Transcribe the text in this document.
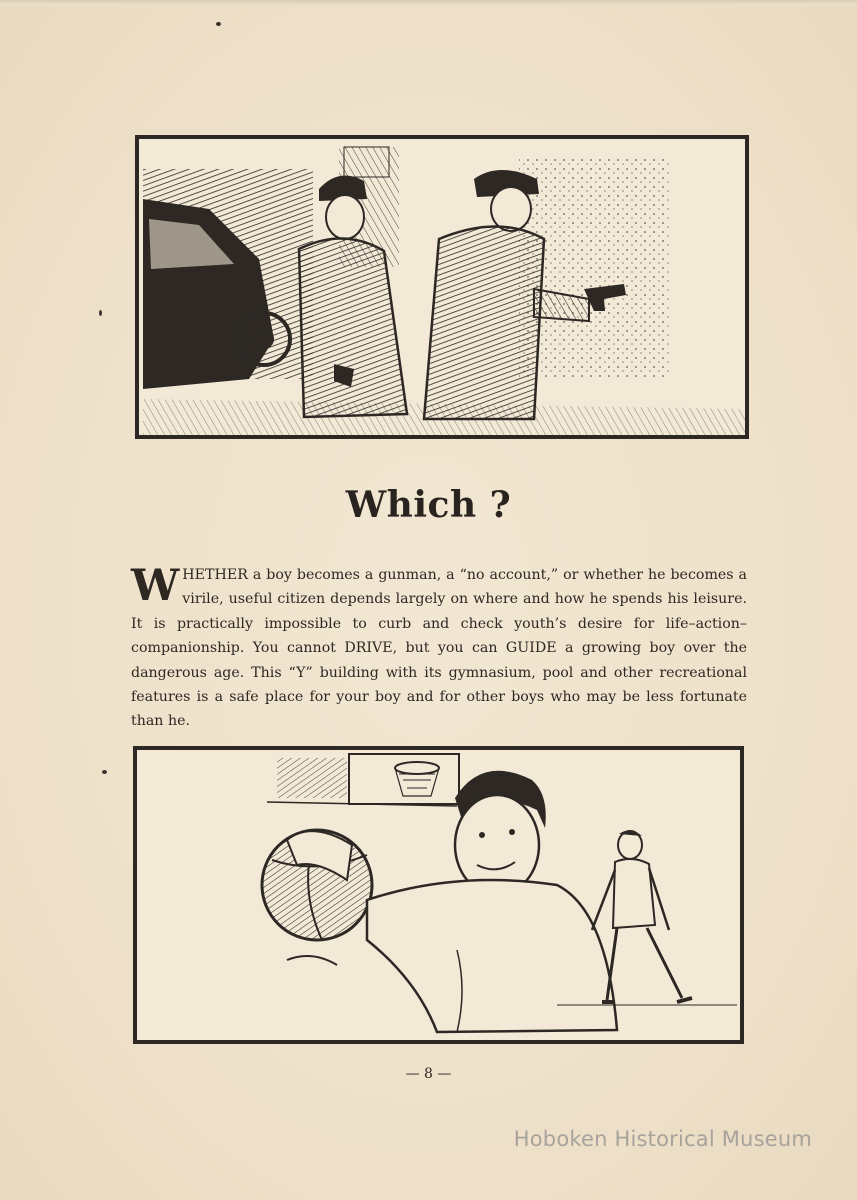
Which ?
WHETHER a boy becomes a gunman, a “no account,” or whether he becomes a virile, useful citizen depends largely on where and how he spends his leisure. It is practically impossible to curb and check youth’s desire for life–action–companionship. You cannot DRIVE, but you can GUIDE a growing boy over the dangerous age. This “Y” building with its gymnasium, pool and other recreational features is a safe place for your boy and for other boys who may be less fortunate than he.
— 8 —
Hoboken Historical Museum
